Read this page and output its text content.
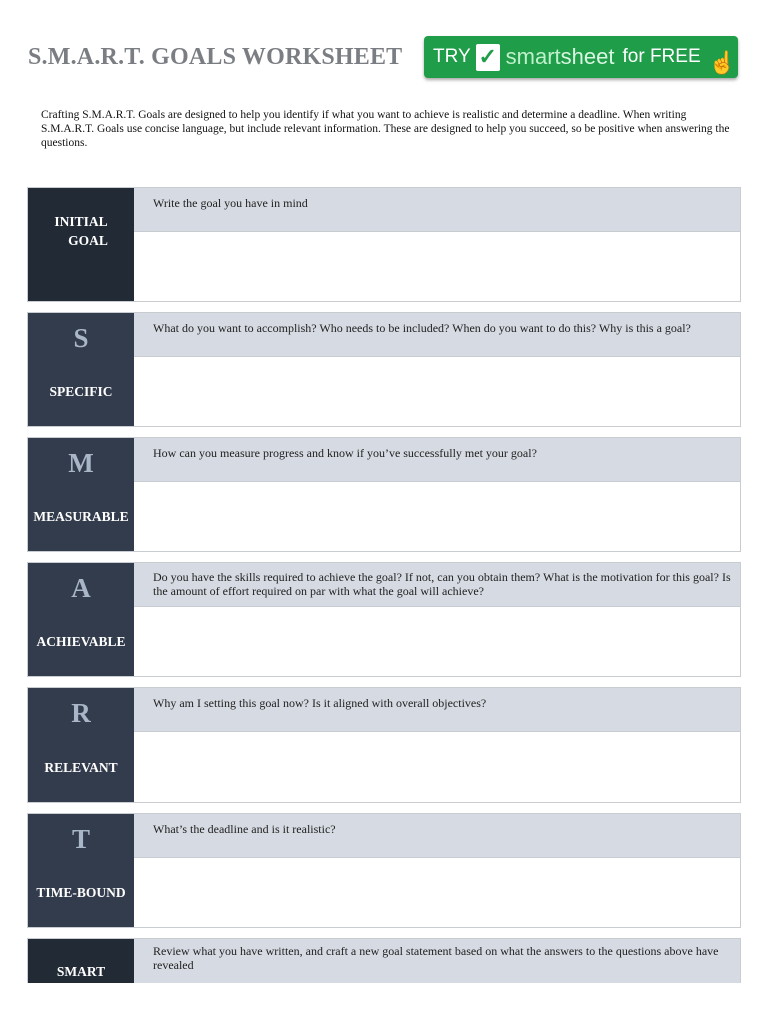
S.M.A.R.T. GOALS WORKSHEET TRY ✓ smartsheet for FREE ☝
Crafting S.M.A.R.T. Goals are designed to help you identify if what you want to achieve is realistic and determine a deadline. When writing S.M.A.R.T. Goals use concise language, but include relevant information. These are designed to help you succeed, so be positive when answering the questions.
INITIAL
GOAL
Write the goal you have in mind
S
SPECIFIC
What do you want to accomplish? Who needs to be included? When do you want to do this? Why is this a goal?
M
MEASURABLE
How can you measure progress and know if you’ve successfully met your goal?
A
ACHIEVABLE
Do you have the skills required to achieve the goal? If not, can you obtain them? What is the motivation for this goal? Is the amount of effort required on par with what the goal will achieve?
R
RELEVANT
Why am I setting this goal now? Is it aligned with overall objectives?
T
TIME-BOUND
What’s the deadline and is it realistic?
SMART
Review what you have written, and craft a new goal statement based on what the answers to the questions above have revealed
